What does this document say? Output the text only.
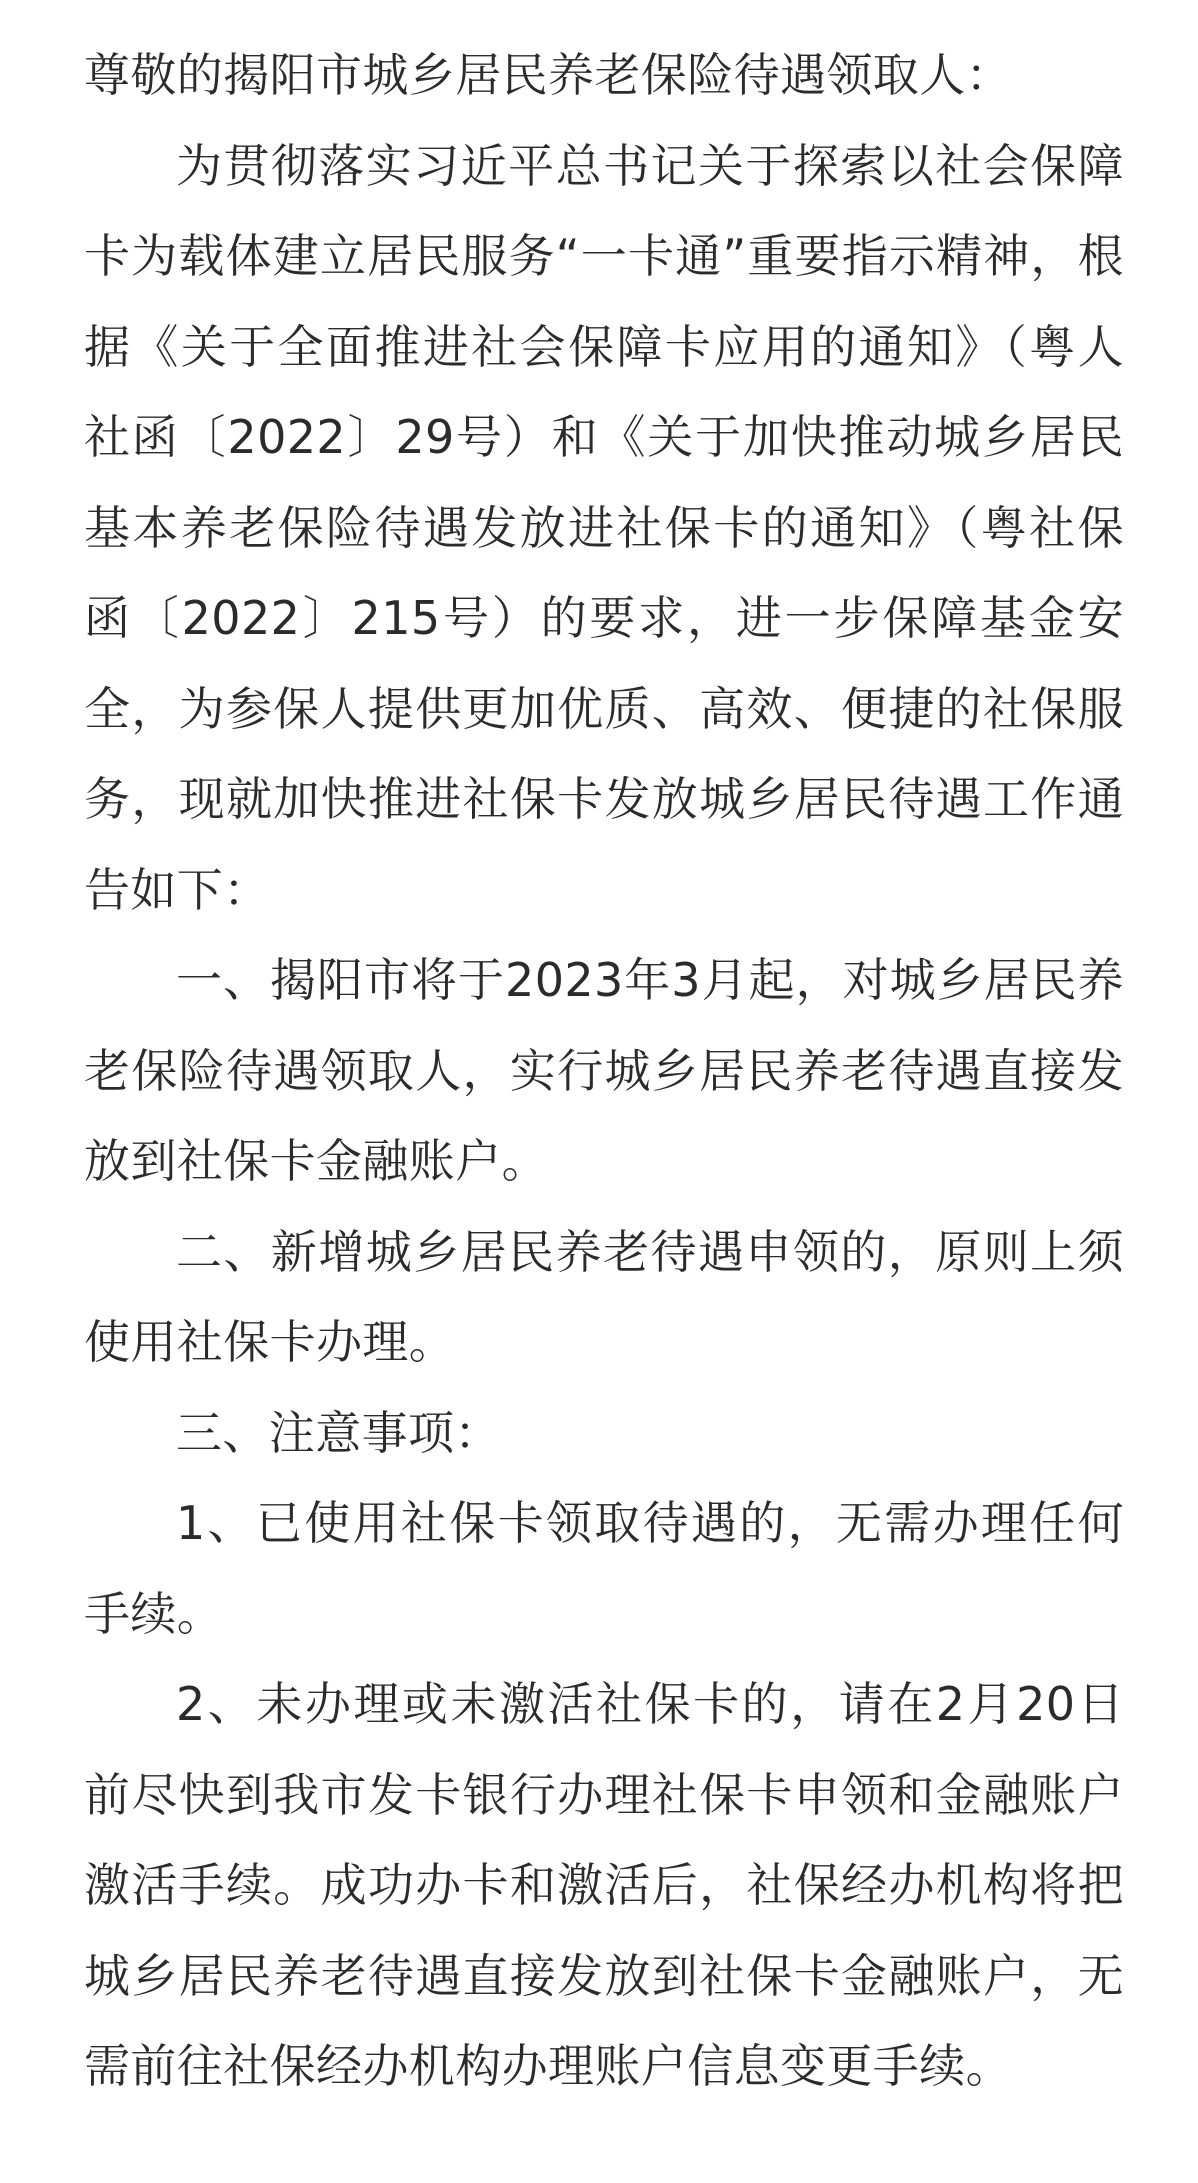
尊敬的揭阳市城乡居民养老保险待遇领取人：

为贯彻落实习近平总书记关于探索以社会保障卡为载体建立居民服务“一卡通”重要指示精神，根据《关于全面推进社会保障卡应用的通知》（粤人社函〔2022〕29号）和《关于加快推动城乡居民基本养老保险待遇发放进社保卡的通知》（粤社保函〔2022〕215号）的要求，进一步保障基金安全，为参保人提供更加优质、高效、便捷的社保服务，现就加快推进社保卡发放城乡居民待遇工作通告如下：

一、揭阳市将于2023年3月起，对城乡居民养老保险待遇领取人，实行城乡居民养老待遇直接发放到社保卡金融账户。

二、新增城乡居民养老待遇申领的，原则上须使用社保卡办理。

三、注意事项：

1、已使用社保卡领取待遇的，无需办理任何手续。

2、未办理或未激活社保卡的，请在2月20日前尽快到我市发卡银行办理社保卡申领和金融账户激活手续。成功办卡和激活后，社保经办机构将把城乡居民养老待遇直接发放到社保卡金融账户，无需前往社保经办机构办理账户信息变更手续。
